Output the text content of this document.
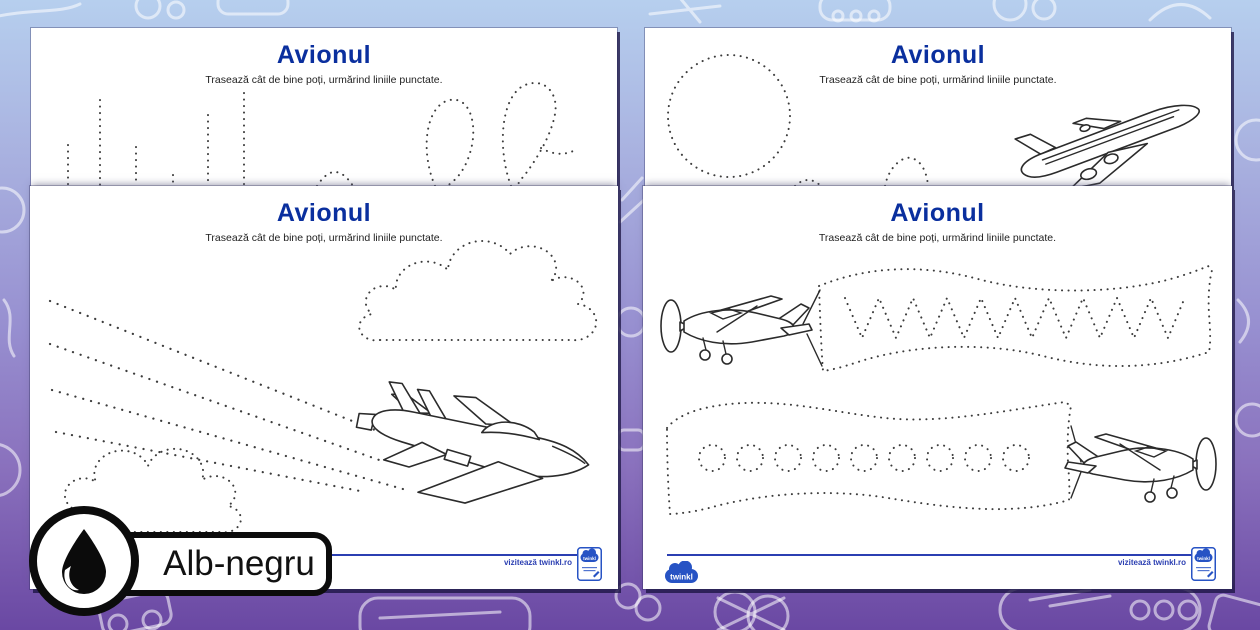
Avionul

Trasează cât de bine poți, urmărind liniile punctate.

Avionul

Trasează cât de bine poți, urmărind liniile punctate.

Avionul

Trasează cât de bine poți, urmărind liniile punctate.

vizitează twinkl.ro twinkl
Avionul

Trasează cât de bine poți, urmărind liniile punctate.

twinkl
vizitează twinkl.ro twinkl
Alb-negru
